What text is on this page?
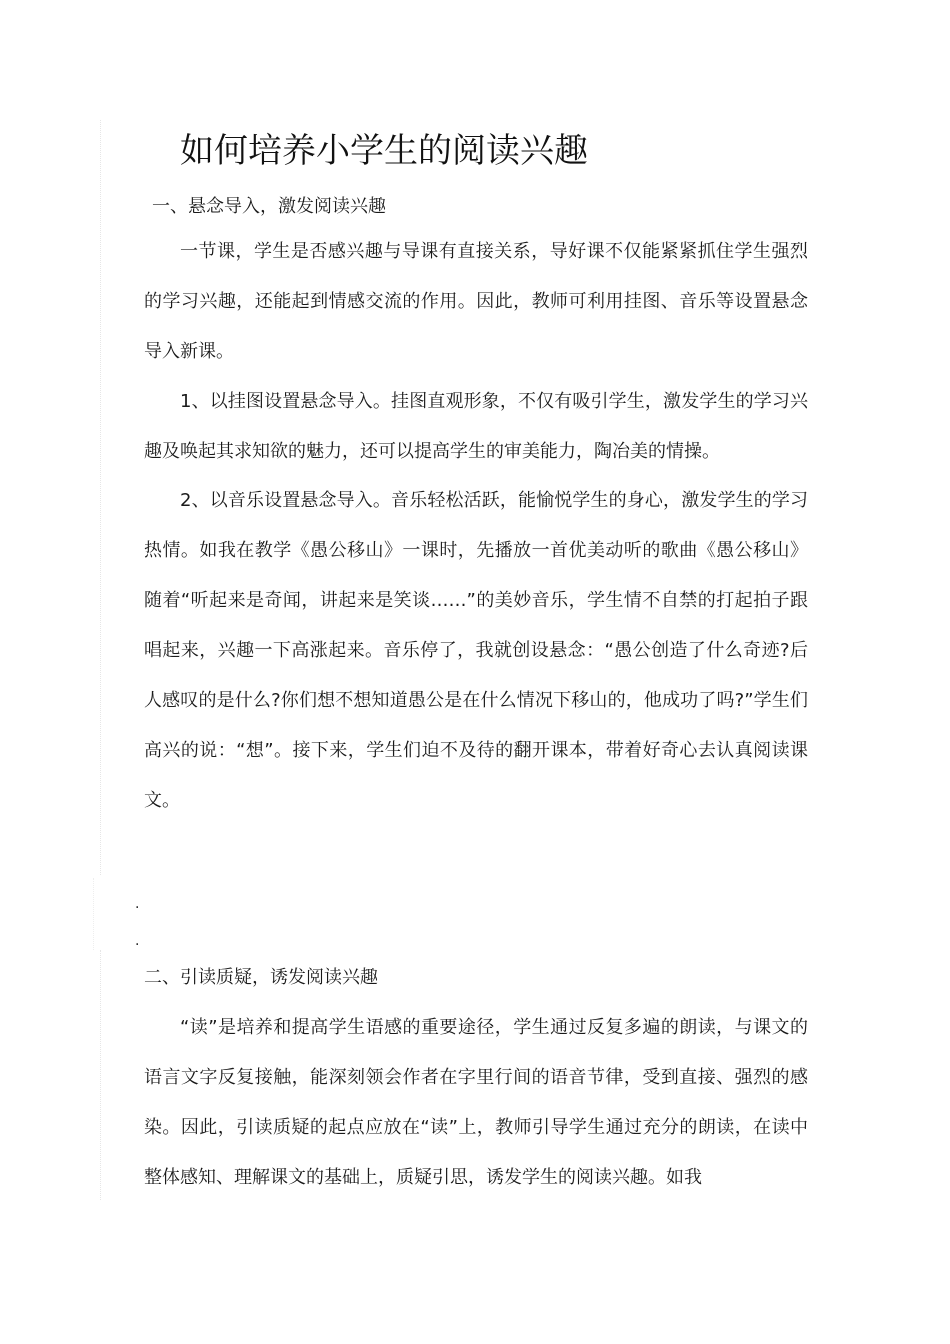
如何培养小学生的阅读兴趣
一、悬念导入，激发阅读兴趣

一节课，学生是否感兴趣与导课有直接关系，导好课不仅能紧紧抓住学生强烈的学习兴趣，还能起到情感交流的作用。因此，教师可利用挂图、音乐等设置悬念导入新课。

1、以挂图设置悬念导入。挂图直观形象，不仅有吸引学生，激发学生的学习兴趣及唤起其求知欲的魅力，还可以提高学生的审美能力，陶冶美的情操。

2、以音乐设置悬念导入。音乐轻松活跃，能愉悦学生的身心，激发学生的学习热情。如我在教学《愚公移山》一课时，先播放一首优美动听的歌曲《愚公移山》随着“听起来是奇闻，讲起来是笑谈……”的美妙音乐，学生情不自禁的打起拍子跟唱起来，兴趣一下高涨起来。音乐停了，我就创设悬念：“愚公创造了什么奇迹?后人感叹的是什么?你们想不想知道愚公是在什么情况下移山的，他成功了吗?”学生们高兴的说：“想”。接下来，学生们迫不及待的翻开课本，带着好奇心去认真阅读课文。

.
.
二、引读质疑，诱发阅读兴趣

“读”是培养和提高学生语感的重要途径，学生通过反复多遍的朗读，与课文的语言文字反复接触，能深刻领会作者在字里行间的语音节律，受到直接、强烈的感染。因此，引读质疑的起点应放在“读”上，教师引导学生通过充分的朗读，在读中整体感知、理解课文的基础上，质疑引思，诱发学生的阅读兴趣。如我
